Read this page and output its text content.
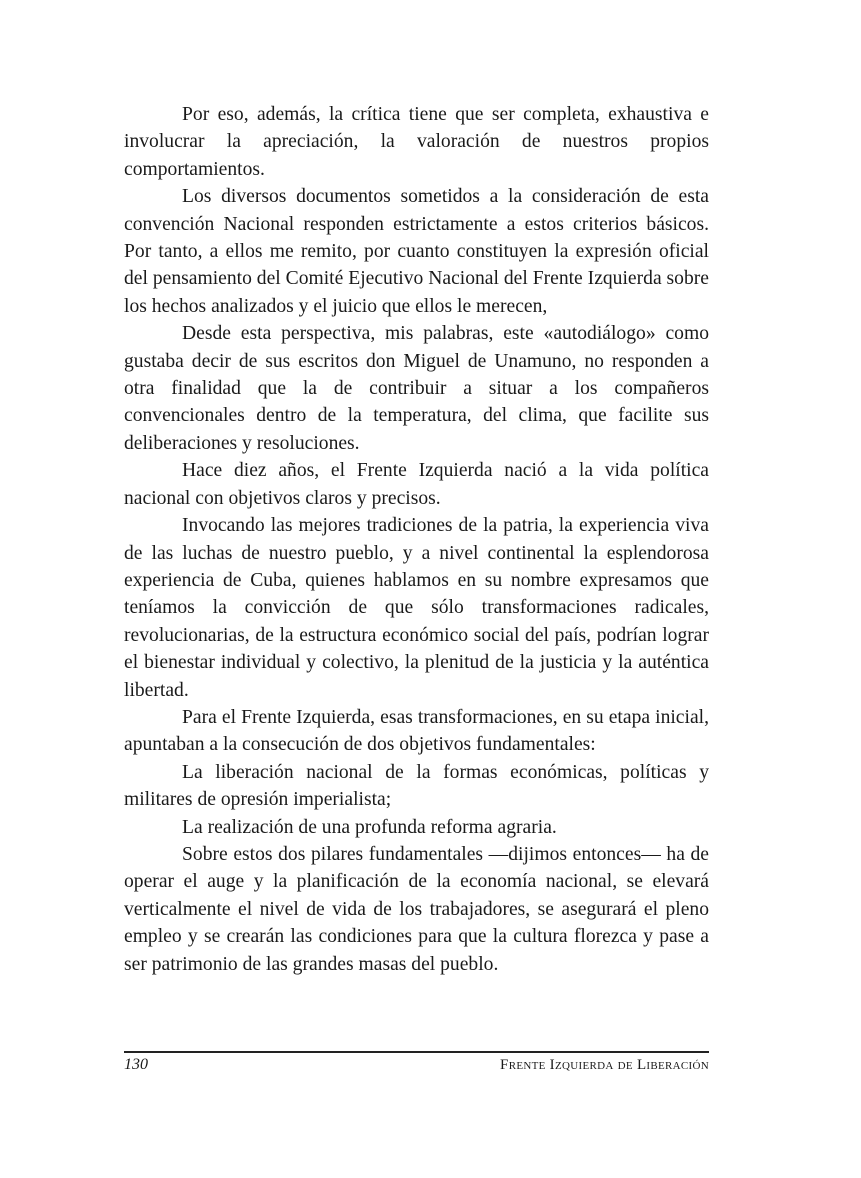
Por eso, además, la crítica tiene que ser completa, exhaustiva e involucrar la apreciación, la valoración de nuestros propios comportamientos.

Los diversos documentos sometidos a la consideración de esta convención Nacional responden estrictamente a estos criterios básicos. Por tanto, a ellos me remito, por cuanto constituyen la expresión oficial del pensamiento del Comité Ejecutivo Nacional del Frente Izquierda sobre los hechos analizados y el juicio que ellos le merecen,

Desde esta perspectiva, mis palabras, este «autodiálogo» como gustaba decir de sus escritos don Miguel de Unamuno, no responden a otra finalidad que la de contribuir a situar a los compañeros convencionales dentro de la temperatura, del clima, que facilite sus deliberaciones y resoluciones.

Hace diez años, el Frente Izquierda nació a la vida política nacional con objetivos claros y precisos.

Invocando las mejores tradiciones de la patria, la experiencia viva de las luchas de nuestro pueblo, y a nivel continental la esplendorosa experiencia de Cuba, quienes hablamos en su nombre expresamos que teníamos la convicción de que sólo transformaciones radicales, revolucionarias, de la estructura económico social del país, podrían lograr el bienestar individual y colectivo, la plenitud de la justicia y la auténtica libertad.

Para el Frente Izquierda, esas transformaciones, en su etapa inicial, apuntaban a la consecución de dos objetivos fundamentales:

La liberación nacional de la formas económicas, políticas y militares de opresión imperialista;

La realización de una profunda reforma agraria.

Sobre estos dos pilares fundamentales —dijimos entonces— ha de operar el auge y la planificación de la economía nacional, se elevará verticalmente el nivel de vida de los trabajadores, se asegurará el pleno empleo y se crearán las condiciones para que la cultura florezca y pase a ser patrimonio de las grandes masas del pueblo.

130	Frente Izquierda de Liberación
